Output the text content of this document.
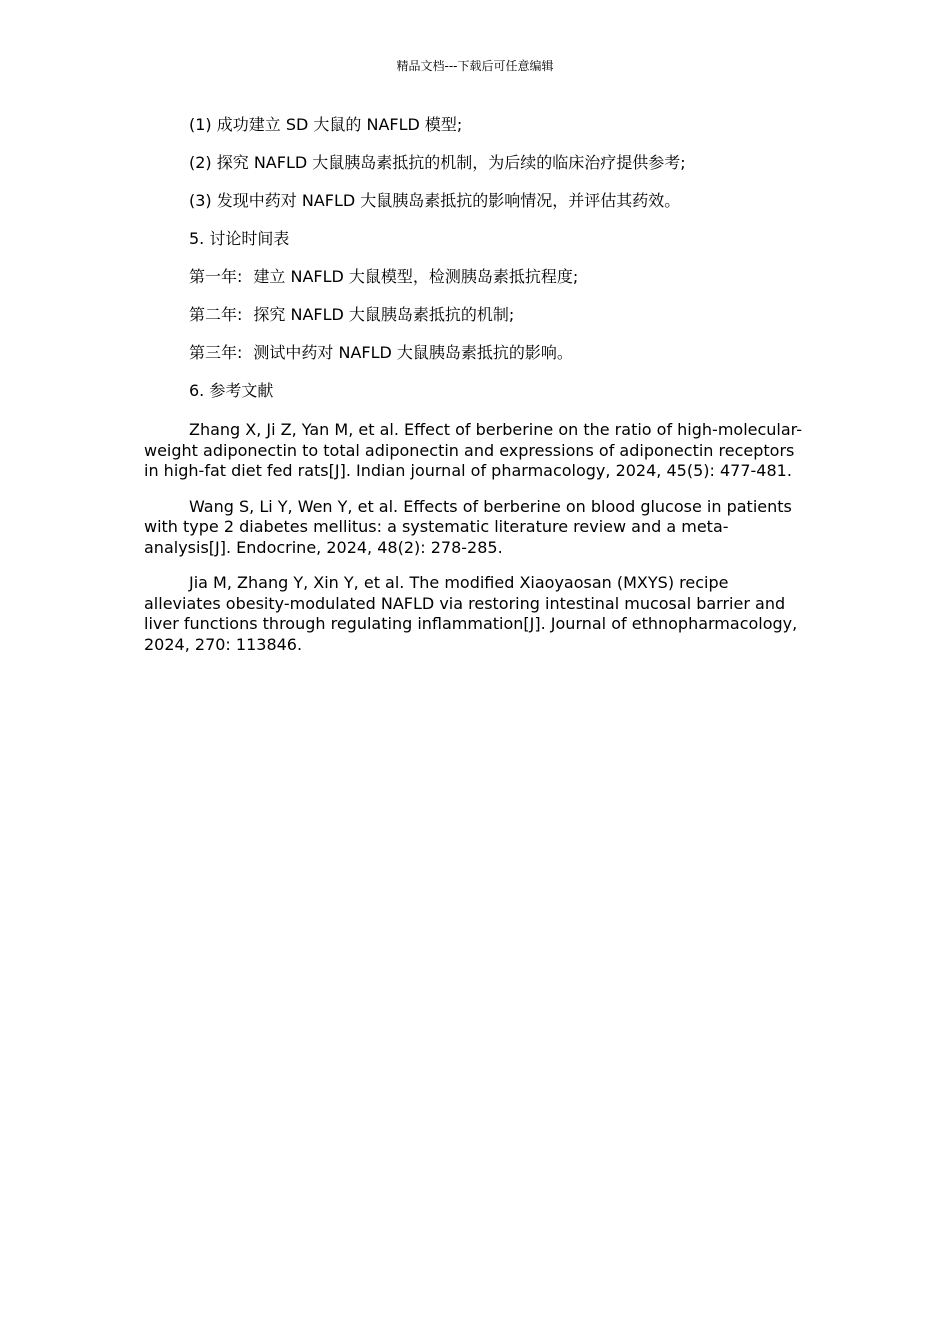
精品文档---下载后可任意编辑
(1) 成功建立 SD 大鼠的 NAFLD 模型;
(2) 探究 NAFLD 大鼠胰岛素抵抗的机制，为后续的临床治疗提供参考;
(3) 发现中药对 NAFLD 大鼠胰岛素抵抗的影响情况，并评估其药效。
5. 讨论时间表
第一年: 建立 NAFLD 大鼠模型，检测胰岛素抵抗程度;
第二年: 探究 NAFLD 大鼠胰岛素抵抗的机制;
第三年: 测试中药对 NAFLD 大鼠胰岛素抵抗的影响。
6. 参考文献
Zhang X, Ji Z, Yan M, et al. Effect of berberine on the ratio of high-molecular-weight adiponectin to total adiponectin and expressions of adiponectin receptors in high-fat diet fed rats[J]. Indian journal of pharmacology, 2024, 45(5): 477-481.
Wang S, Li Y, Wen Y, et al. Effects of berberine on blood glucose in patients with type 2 diabetes mellitus: a systematic literature review and a meta-analysis[J]. Endocrine, 2024, 48(2): 278-285.
Jia M, Zhang Y, Xin Y, et al. The modified Xiaoyaosan (MXYS) recipe alleviates obesity-modulated NAFLD via restoring intestinal mucosal barrier and liver functions through regulating inflammation[J]. Journal of ethnopharmacology, 2024, 270: 113846.
